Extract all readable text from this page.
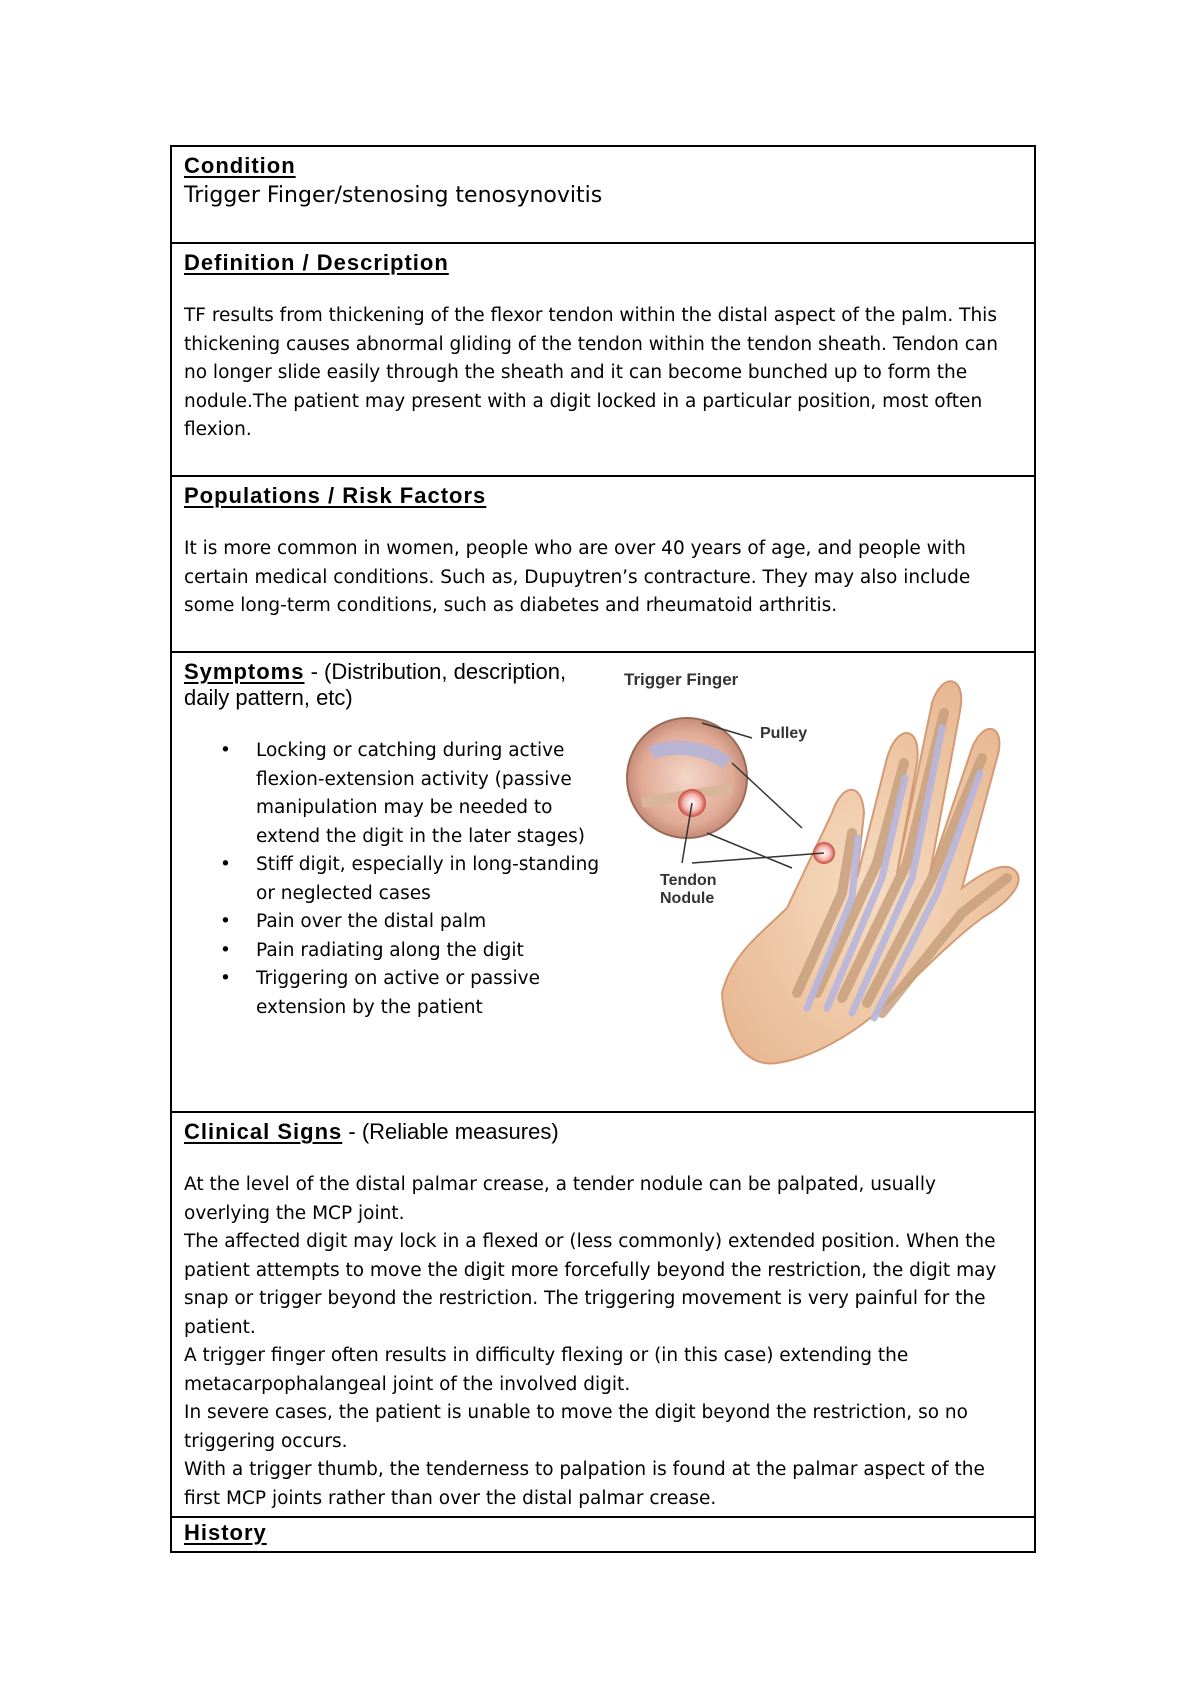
Condition
Trigger Finger/stenosing tenosynovitis
Definition / Description

TF results from thickening of the flexor tendon within the distal aspect of the palm. This thickening causes abnormal gliding of the tendon within the tendon sheath. Tendon can no longer slide easily through the sheath and it can become bunched up to form the nodule.The patient may present with a digit locked in a particular position, most often flexion.

Populations / Risk Factors

It is more common in women, people who are over 40 years of age, and people with certain medical conditions. Such as, Dupuytren’s contracture. They may also include some long-term conditions, such as diabetes and rheumatoid arthritis.

Symptoms - (Distribution, description, daily pattern, etc)
• Locking or catching during active flexion-extension activity (passive manipulation may be needed to extend the digit in the later stages)
• Stiff digit, especially in long-standing or neglected cases
• Pain over the distal palm
• Pain radiating along the digit
• Triggering on active or passive extension by the patient
Trigger Finger
Pulley
Tendon
Nodule
Clinical Signs - (Reliable measures)

At the level of the distal palmar crease, a tender nodule can be palpated, usually overlying the MCP joint.

The affected digit may lock in a flexed or (less commonly) extended position. When the patient attempts to move the digit more forcefully beyond the restriction, the digit may snap or trigger beyond the restriction. The triggering movement is very painful for the patient.

A trigger finger often results in difficulty flexing or (in this case) extending the metacarpophalangeal joint of the involved digit.

In severe cases, the patient is unable to move the digit beyond the restriction, so no triggering occurs.

With a trigger thumb, the tenderness to palpation is found at the palmar aspect of the first MCP joints rather than over the distal palmar crease.

History
